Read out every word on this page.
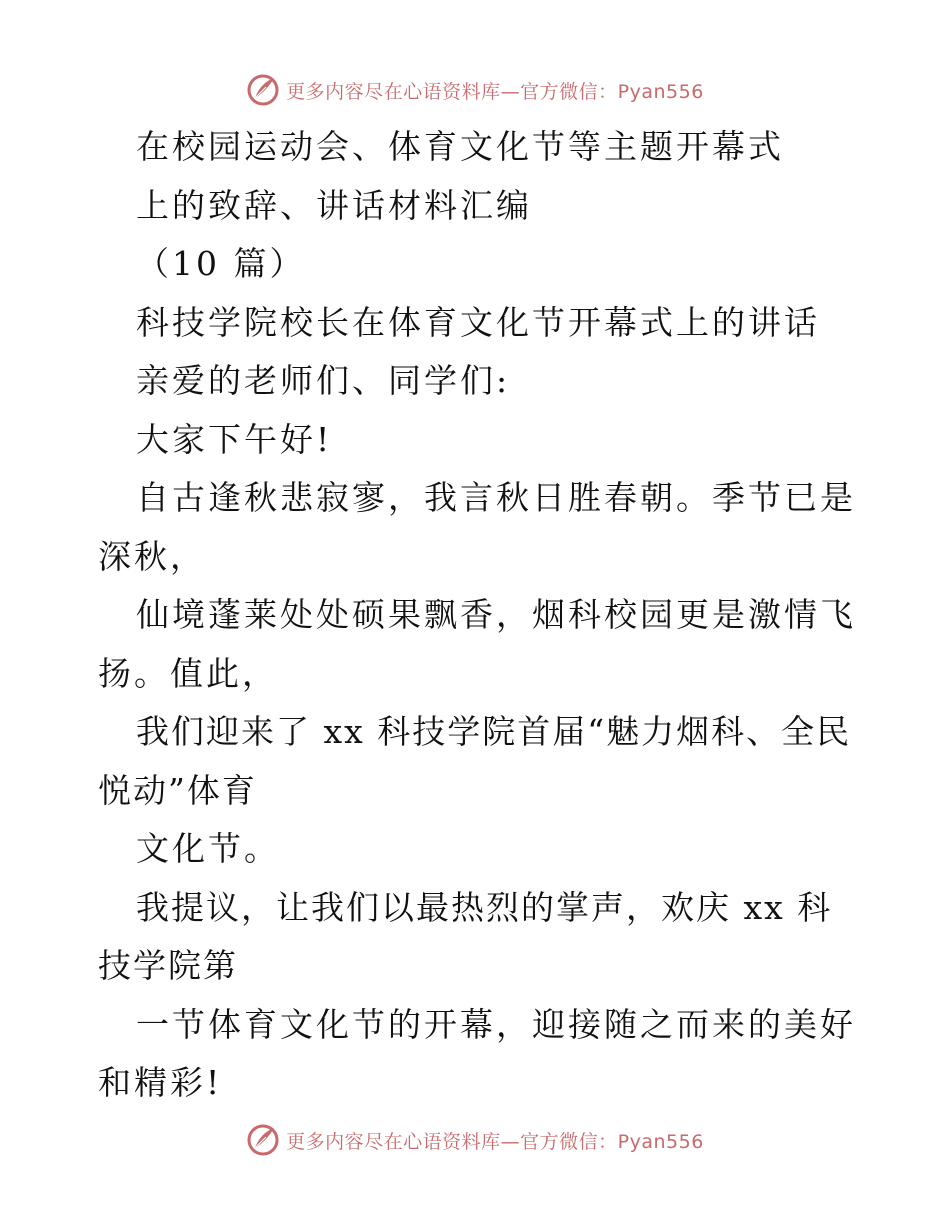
更多内容尽在心语资料库—官方微信：Pyan556

在校园运动会、体育文化节等主题开幕式

上的致辞、讲话材料汇编

（10 篇）

科技学院校长在体育文化节开幕式上的讲话

亲爱的老师们、同学们:

大家下午好!

自古逢秋悲寂寥，我言秋日胜春朝。季节已是深秋，

仙境蓬莱处处硕果飘香，烟科校园更是激情飞扬。值此，

我们迎来了 xx 科技学院首届“魅力烟科、全民悦动”体育

文化节。

我提议，让我们以最热烈的掌声，欢庆 xx 科技学院第

一节体育文化节的开幕，迎接随之而来的美好和精彩!

更多内容尽在心语资料库—官方微信：Pyan556
